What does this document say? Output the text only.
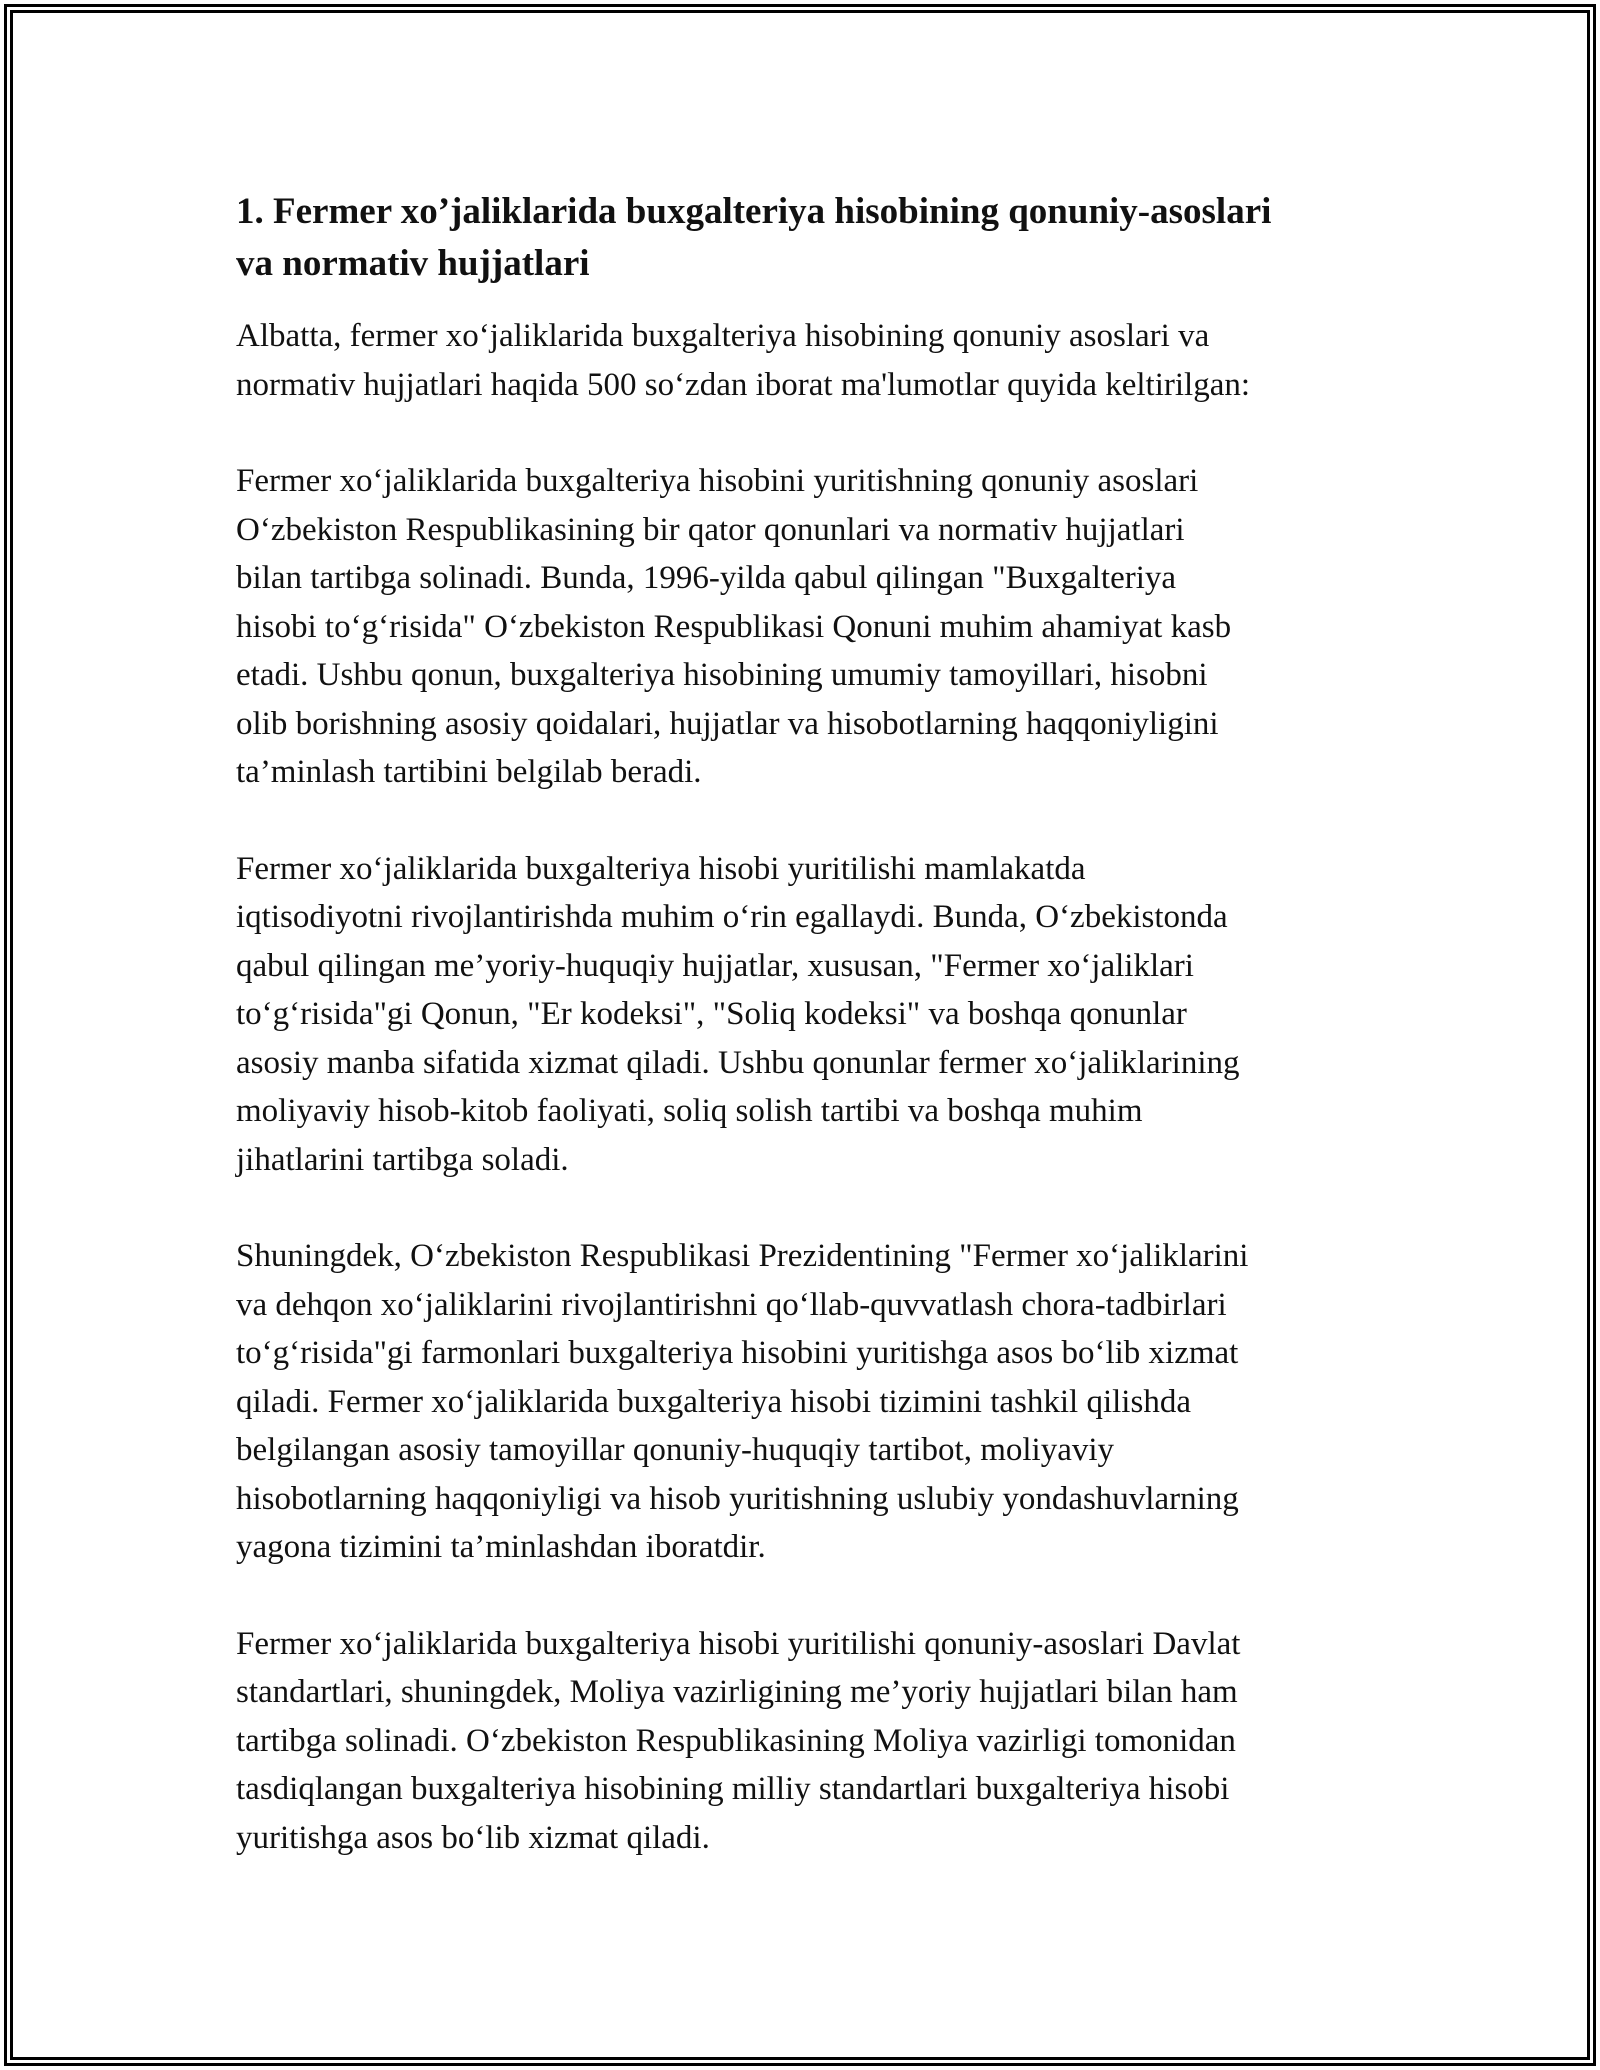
1. Fermer xo’jaliklarida buxgalteriya hisobining qonuniy-asoslari va normativ hujjatlari

Albatta, fermer xoʻjaliklarida buxgalteriya hisobining qonuniy asoslari va
normativ hujjatlari haqida 500 soʻzdan iborat ma'lumotlar quyida keltirilgan:

Fermer xoʻjaliklarida buxgalteriya hisobini yuritishning qonuniy asoslari
Oʻzbekiston Respublikasining bir qator qonunlari va normativ hujjatlari
bilan tartibga solinadi. Bunda, 1996-yilda qabul qilingan "Buxgalteriya
hisobi toʻgʻrisida" Oʻzbekiston Respublikasi Qonuni muhim ahamiyat kasb
etadi. Ushbu qonun, buxgalteriya hisobining umumiy tamoyillari, hisobni
olib borishning asosiy qoidalari, hujjatlar va hisobotlarning haqqoniyligini
ta’minlash tartibini belgilab beradi.

Fermer xoʻjaliklarida buxgalteriya hisobi yuritilishi mamlakatda
iqtisodiyotni rivojlantirishda muhim oʻrin egallaydi. Bunda, Oʻzbekistonda
qabul qilingan me’yoriy-huquqiy hujjatlar, xususan, "Fermer xoʻjaliklari
toʻgʻrisida"gi Qonun, "Er kodeksi", "Soliq kodeksi" va boshqa qonunlar
asosiy manba sifatida xizmat qiladi. Ushbu qonunlar fermer xoʻjaliklarining
moliyaviy hisob-kitob faoliyati, soliq solish tartibi va boshqa muhim
jihatlarini tartibga soladi.

Shuningdek, Oʻzbekiston Respublikasi Prezidentining "Fermer xoʻjaliklarini
va dehqon xoʻjaliklarini rivojlantirishni qoʻllab-quvvatlash chora-tadbirlari
toʻgʻrisida"gi farmonlari buxgalteriya hisobini yuritishga asos boʻlib xizmat
qiladi. Fermer xoʻjaliklarida buxgalteriya hisobi tizimini tashkil qilishda
belgilangan asosiy tamoyillar qonuniy-huquqiy tartibot, moliyaviy
hisobotlarning haqqoniyligi va hisob yuritishning uslubiy yondashuvlarning
yagona tizimini ta’minlashdan iboratdir.

Fermer xoʻjaliklarida buxgalteriya hisobi yuritilishi qonuniy-asoslari Davlat
standartlari, shuningdek, Moliya vazirligining me’yoriy hujjatlari bilan ham
tartibga solinadi. Oʻzbekiston Respublikasining Moliya vazirligi tomonidan
tasdiqlangan buxgalteriya hisobining milliy standartlari buxgalteriya hisobi
yuritishga asos boʻlib xizmat qiladi.
